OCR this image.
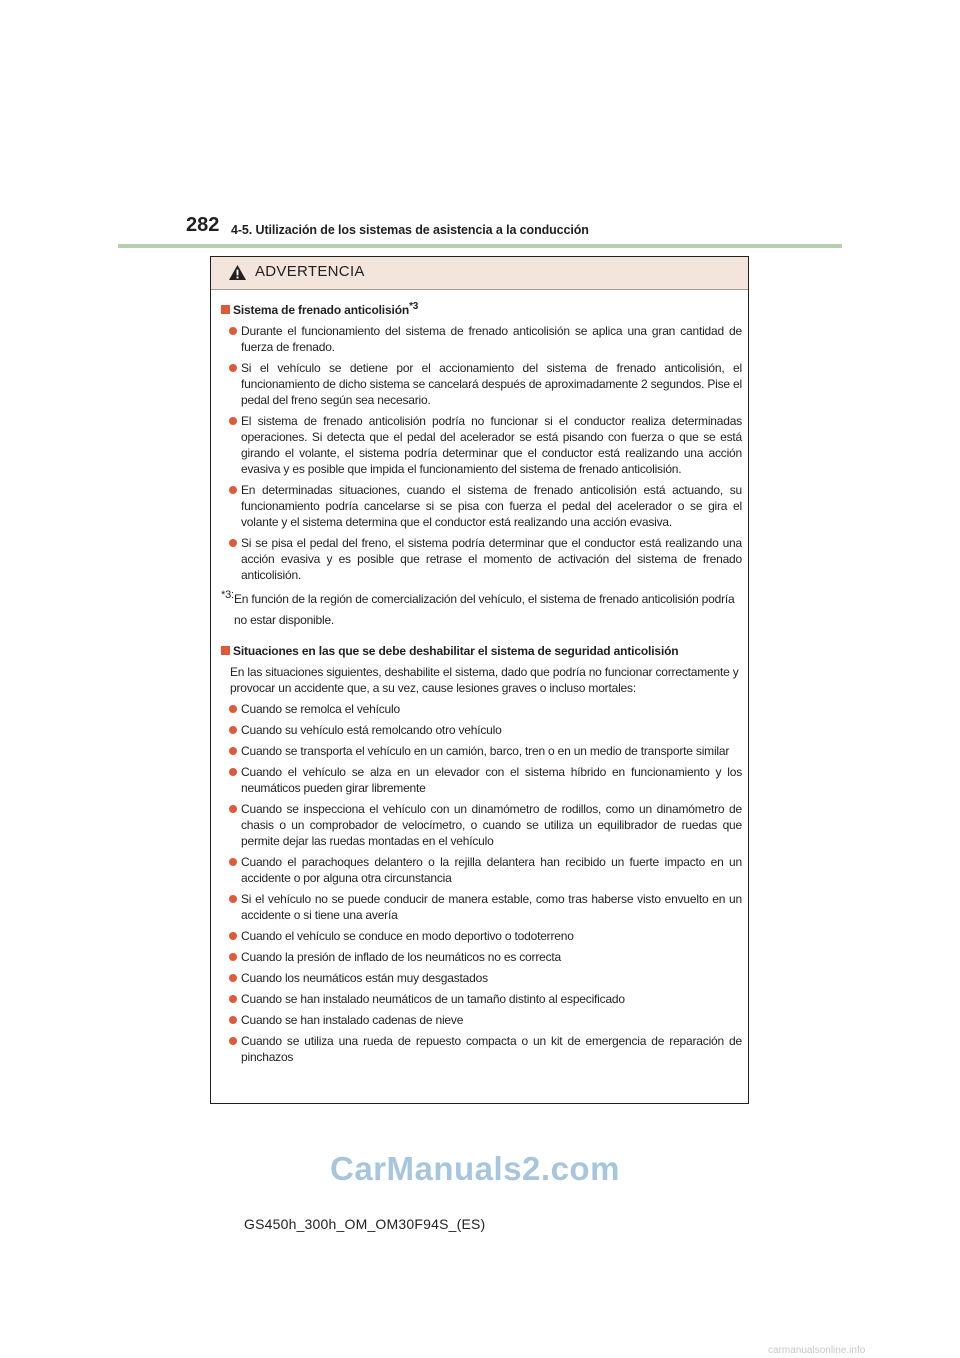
282 4-5. Utilización de los sistemas de asistencia a la conducción
ADVERTENCIA
Sistema de frenado anticolisión$^{*3}$
Durante el funcionamiento del sistema de frenado anticolisión se aplica una gran cantidad de fuerza de frenado.
Si el vehículo se detiene por el accionamiento del sistema de frenado anticolisión, el funcionamiento de dicho sistema se cancelará después de aproximadamente 2 segundos. Pise el pedal del freno según sea necesario.
El sistema de frenado anticolisión podría no funcionar si el conductor realiza determinadas operaciones. Si detecta que el pedal del acelerador se está pisando con fuerza o que se está girando el volante, el sistema podría determinar que el conductor está realizando una acción evasiva y es posible que impida el funcionamiento del sistema de frenado anticolisión.
En determinadas situaciones, cuando el sistema de frenado anticolisión está actuando, su funcionamiento podría cancelarse si se pisa con fuerza el pedal del acelerador o se gira el volante y el sistema determina que el conductor está realizando una acción evasiva.
Si se pisa el pedal del freno, el sistema podría determinar que el conductor está realizando una acción evasiva y es posible que retrase el momento de activación del sistema de frenado anticolisión.
*3: En función de la región de comercialización del vehículo, el sistema de frenado anticolisión podría no estar disponible.
Situaciones en las que se debe deshabilitar el sistema de seguridad anticolisión
En las situaciones siguientes, deshabilite el sistema, dado que podría no funcionar correctamente y provocar un accidente que, a su vez, cause lesiones graves o incluso mortales:
Cuando se remolca el vehículo
Cuando su vehículo está remolcando otro vehículo
Cuando se transporta el vehículo en un camión, barco, tren o en un medio de transporte similar
Cuando el vehículo se alza en un elevador con el sistema híbrido en funcionamiento y los neumáticos pueden girar libremente
Cuando se inspecciona el vehículo con un dinamómetro de rodillos, como un dinamómetro de chasis o un comprobador de velocímetro, o cuando se utiliza un equilibrador de ruedas que permite dejar las ruedas montadas en el vehículo
Cuando el parachoques delantero o la rejilla delantera han recibido un fuerte impacto en un accidente o por alguna otra circunstancia
Si el vehículo no se puede conducir de manera estable, como tras haberse visto envuelto en un accidente o si tiene una avería
Cuando el vehículo se conduce en modo deportivo o todoterreno
Cuando la presión de inflado de los neumáticos no es correcta
Cuando los neumáticos están muy desgastados
Cuando se han instalado neumáticos de un tamaño distinto al especificado
Cuando se han instalado cadenas de nieve
Cuando se utiliza una rueda de repuesto compacta o un kit de emergencia de reparación de pinchazos
CarManuals2.com
GS450h_300h_OM_OM30F94S_(ES)
carmanualsonline.info
